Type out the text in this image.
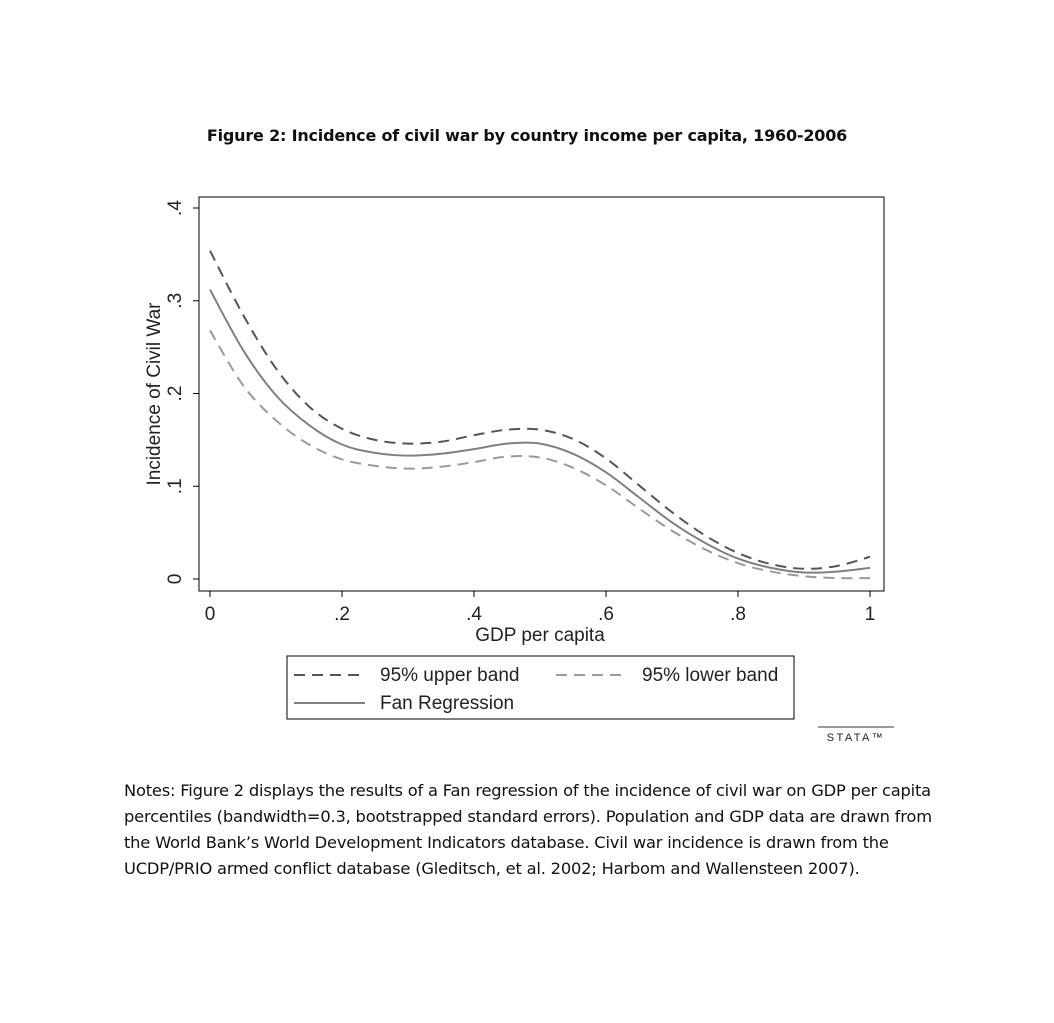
Figure 2: Incidence of civil war by country income per capita, 1960-2006
0	.2	.4	.6	.8	1
0
.1
.2
.3
.4
GDP per capita
Incidence of Civil War
95% upper band	95% lower band
Fan Regression
STATA™
Notes: Figure 2 displays the results of a Fan regression of the incidence of civil war on GDP per capita percentiles (bandwidth=0.3, bootstrapped standard errors). Population and GDP data are drawn from the World Bank’s World Development Indicators database. Civil war incidence is drawn from the UCDP/PRIO armed conflict database (Gleditsch, et al. 2002; Harbom and Wallensteen 2007).
